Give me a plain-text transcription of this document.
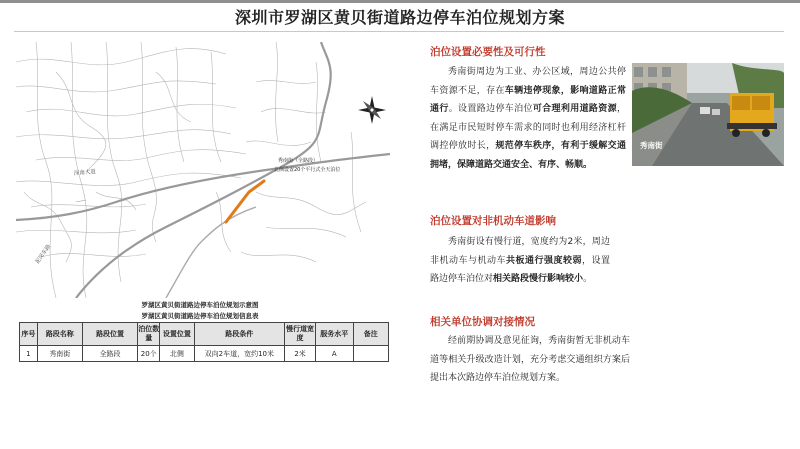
深圳市罗湖区黄贝街道路边停车泊位规划方案
深南大道
泥岗东路
秀南街（全路段）
北侧设置20个平行式全天泊位
罗湖区黄贝街道路边停车泊位规划示意图
罗湖区黄贝街道路边停车泊位规划信息表
序号	路段名称	路段位置	泊位数量	设置位置	路段条件	慢行道宽度	服务水平	备注
1	秀南街	全路段	20个	北侧	双向2车道，宽约10米	2米	A	
泊位设置必要性及可行性

秀南街周边为工业、办公区域，周边公共停车资源不足，存在车辆违停现象，影响道路正常通行。设置路边停车泊位可合理利用道路资源，在满足市民短时停车需求的同时也利用经济杠杆调控停放时长，规范停车秩序，有利于缓解交通拥堵，保障道路交通安全、有序、畅顺。

泊位设置对非机动车道影响

秀南街设有慢行道，宽度约为2米，周边非机动车与机动车共板通行强度较弱，设置路边停车泊位对相关路段慢行影响较小。

相关单位协调对接情况

经前期协调及意见征询，秀南街暂无非机动车道等相关升级改造计划，充分考虑交通组织方案后提出本次路边停车泊位规划方案。

秀南街
